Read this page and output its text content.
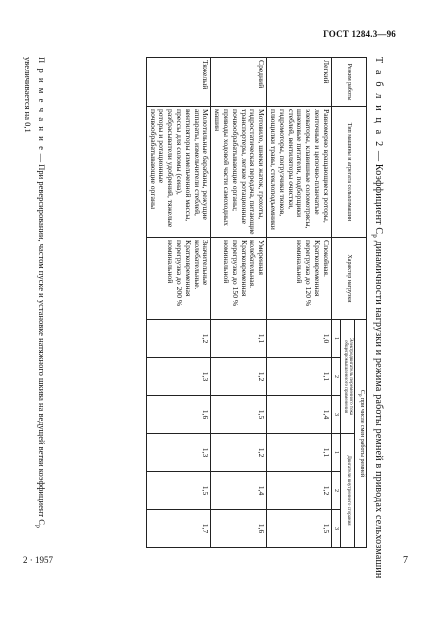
ГОСТ 1284.3—96
Т а б л и ц а 2 — Коэффициент $C_р$ динамичности нагрузки и режима работы ремней в приводах сельхозмашин
Режим работы	Тип машины и агрегата сельхозмашин	Характер нагрузки	$C_р$ при числе смен работы ремней					
			Электродвигатель переменного тока общепромышленного применения			Двигатели внутреннего сгорания		
			1	2	3	1	2	3
Легкий	Равномерно вращающиеся роторы, ленточные и цепочно-планчатые элеваторы, клавишные соломотрясы, шнековые питатели, подборщики стеблей, вентиляторы очистки, гидромоторы, погрузчики тюков, плющилки травы, стеклоподъемники	Спокойная. Кратковременная перегрузка до 120 % номинальной	1,0	1,1	1,4	1,1	1,2	1,5
Средний	Мотовило, шнеки жаток, грохоты, гидростатическая передача, питающие транспортеры, легкие ротационные почвообрабатывающие органы; приводы ходовой части самоходных машин	Умеренная колебательная. Кратковременная перегрузка до 150 % номинальной	1,1	1,2	1,5	1,2	1,4	1,6
Тяжелый	Молотильные барабаны, режущие аппараты, измельчители стеблей, вентиляторы измельченной массы, прессы для соломы (сена), разбрасыватели удобрений, тяжелые роторы и ротационные почвообрабатывающие органы	Значительные колебательные. Кратковременная перегрузка до 200 % номинальной	1,2	1,3	1,6	1,3	1,5	1,7
П р и м е ч а н и е — При реверсировании, частом пуске и установке натяжного шкива на ведущей ветви коэффициент $C_р$ увеличивается на 0,1
2 · 1957	7
